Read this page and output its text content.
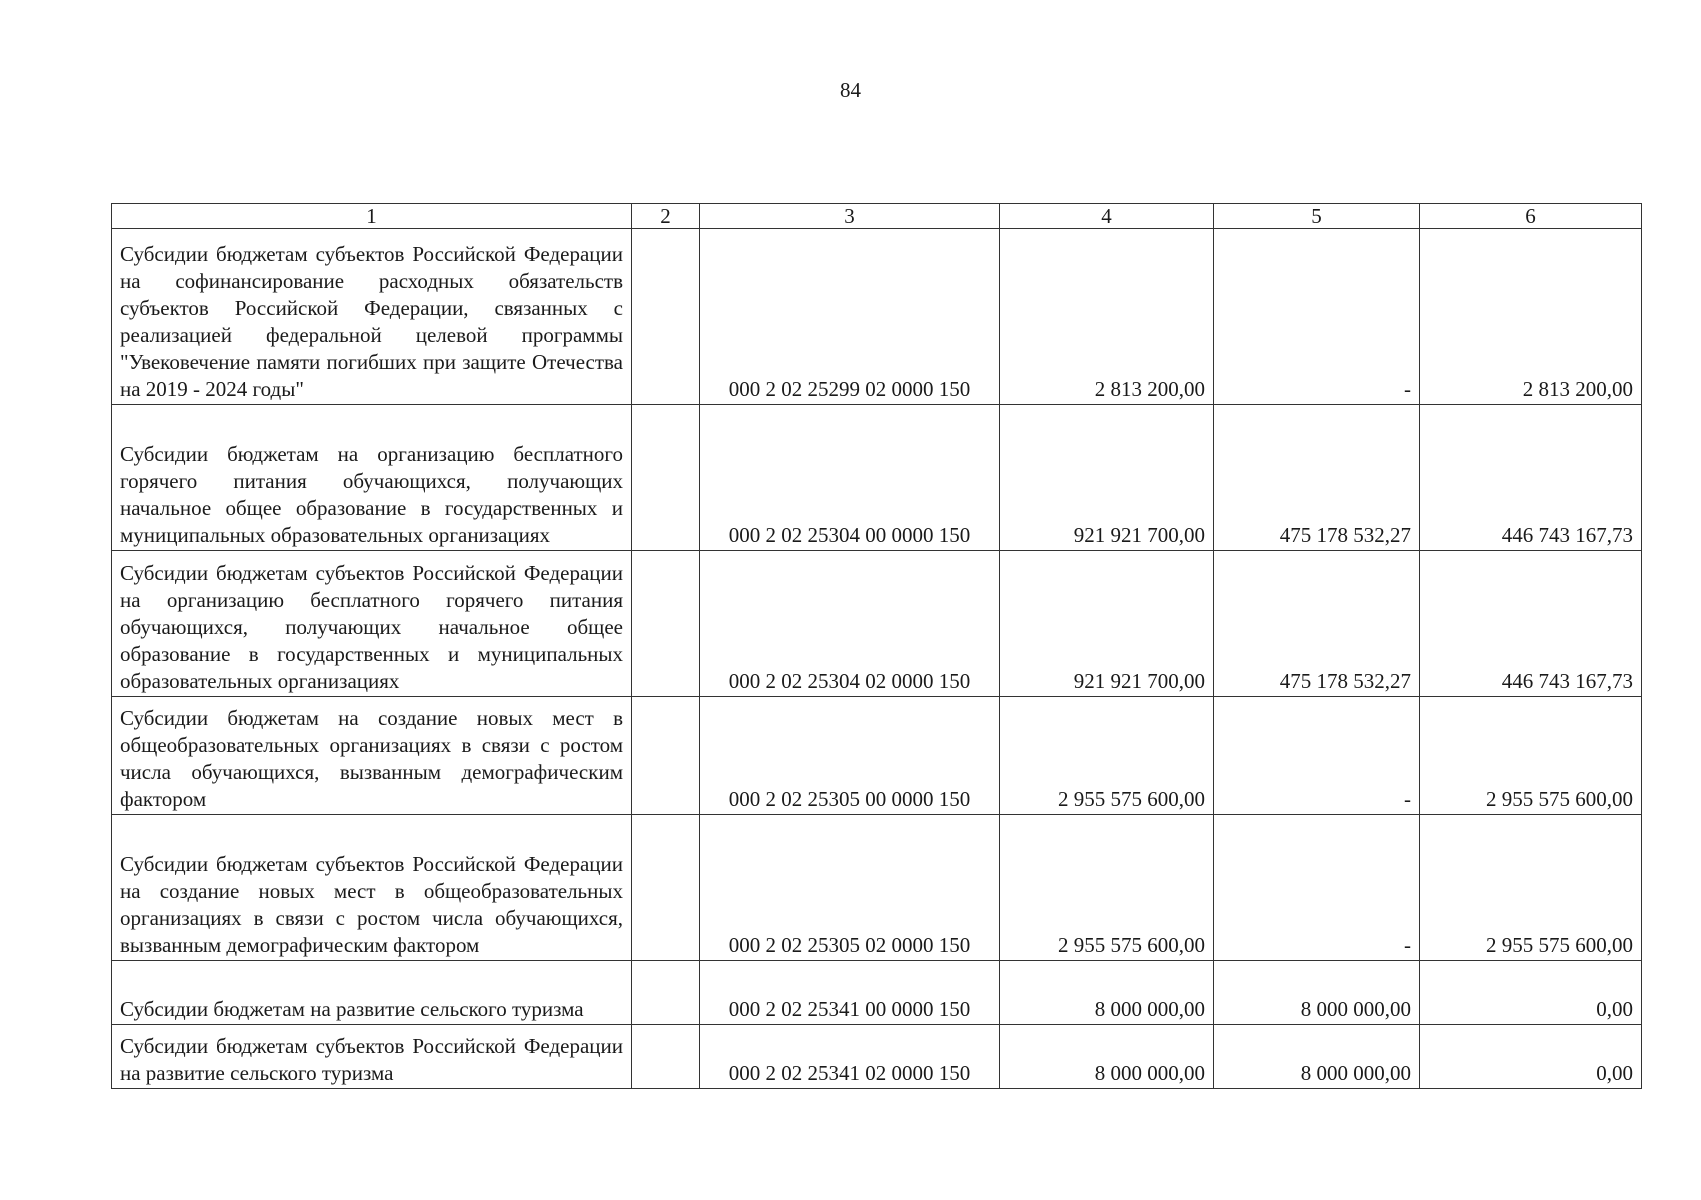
84
1	2	3	4	5	6
Субсидии бюджетам субъектов Российской Федерации на софинансирование расходных обязательств субъектов Российской Федерации, связанных с реализацией федеральной целевой программы "Увековечение памяти погибших при защите Отечества на 2019 - 2024 годы"		000 2 02 25299 02 0000 150	2 813 200,00	-	2 813 200,00
Субсидии бюджетам на организацию бесплатного горячего питания обучающихся, получающих начальное общее образование в государственных и муниципальных образовательных организациях		000 2 02 25304 00 0000 150	921 921 700,00	475 178 532,27	446 743 167,73
Субсидии бюджетам субъектов Российской Федерации на организацию бесплатного горячего питания обучающихся, получающих начальное общее образование в государственных и муниципальных образовательных организациях		000 2 02 25304 02 0000 150	921 921 700,00	475 178 532,27	446 743 167,73
Субсидии бюджетам на создание новых мест в общеобразовательных организациях в связи с ростом числа обучающихся, вызванным демографическим фактором		000 2 02 25305 00 0000 150	2 955 575 600,00	-	2 955 575 600,00
Субсидии бюджетам субъектов Российской Федерации на создание новых мест в общеобразовательных организациях в связи с ростом числа обучающихся, вызванным демографическим фактором		000 2 02 25305 02 0000 150	2 955 575 600,00	-	2 955 575 600,00
Субсидии бюджетам на развитие сельского туризма		000 2 02 25341 00 0000 150	8 000 000,00	8 000 000,00	0,00
Субсидии бюджетам субъектов Российской Федерации на развитие сельского туризма		000 2 02 25341 02 0000 150	8 000 000,00	8 000 000,00	0,00
